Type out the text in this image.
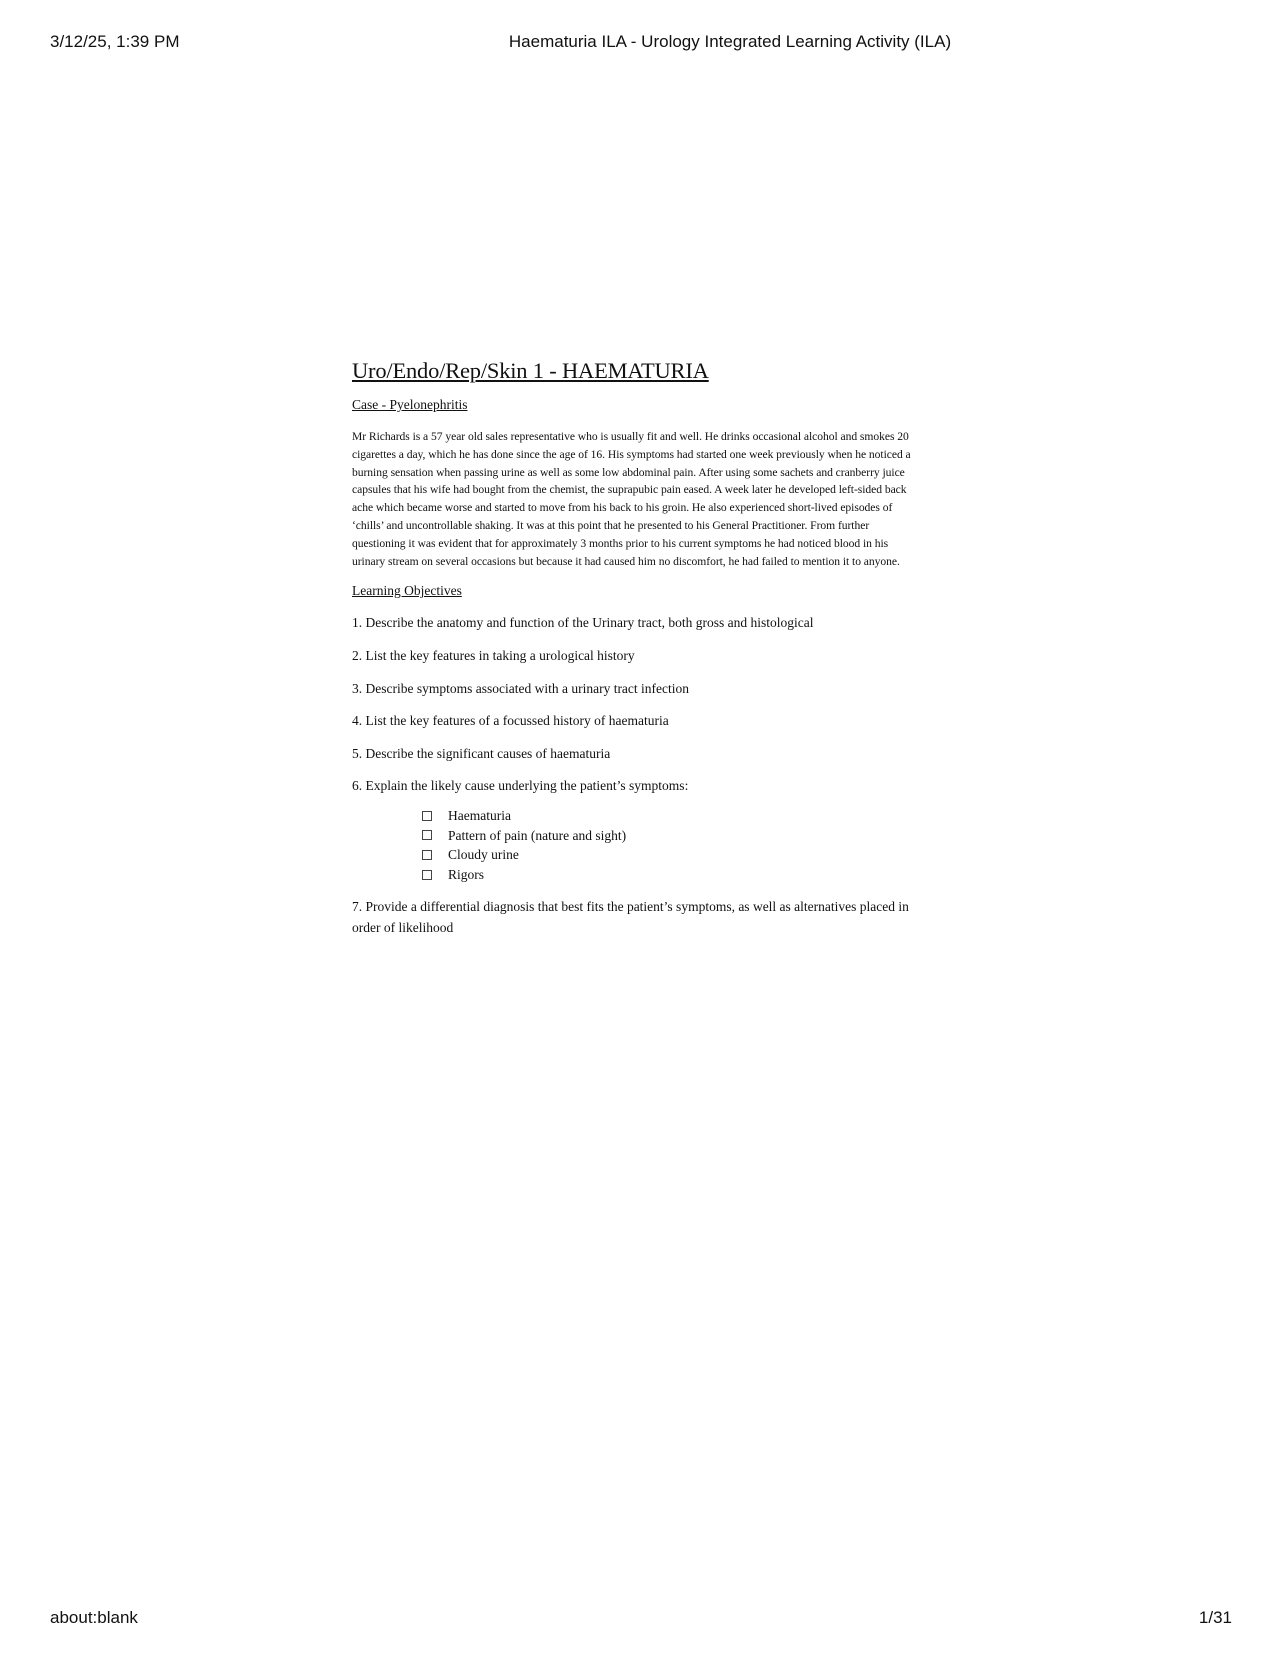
3/12/25, 1:39 PM	Haematuria ILA - Urology Integrated Learning Activity (ILA)
Uro/Endo/Rep/Skin 1 - HAEMATURIA
Case - Pyelonephritis

Mr Richards is a 57 year old sales representative who is usually fit and well. He drinks occasional alcohol and smokes 20 cigarettes a day, which he has done since the age of 16. His symptoms had started one week previously when he noticed a burning sensation when passing urine as well as some low abdominal pain. After using some sachets and cranberry juice capsules that his wife had bought from the chemist, the suprapubic pain eased. A week later he developed left-sided back ache which became worse and started to move from his back to his groin. He also experienced short-lived episodes of ‘chills’ and uncontrollable shaking. It was at this point that he presented to his General Practitioner. From further questioning it was evident that for approximately 3 months prior to his current symptoms he had noticed blood in his urinary stream on several occasions but because it had caused him no discomfort, he had failed to mention it to anyone.

Learning Objectives
1. Describe the anatomy and function of the Urinary tract, both gross and histological
2. List the key features in taking a urological history
3. Describe symptoms associated with a urinary tract infection
4. List the key features of a focussed history of haematuria
5. Describe the significant causes of haematuria
6. Explain the likely cause underlying the patient’s symptoms:
Haematuria
Pattern of pain (nature and sight)
Cloudy urine
Rigors
7. Provide a differential diagnosis that best fits the patient’s symptoms, as well as alternatives placed in order of likelihood
about:blank	1/31
